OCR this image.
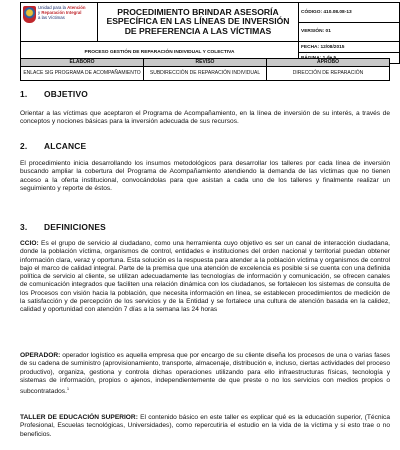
Unidad para la Atención
y Reparación Integral
a las Víctimas	PROCEDIMIENTO BRINDAR ASESORÍA ESPECÍFICA EN LAS LÍNEAS DE INVERSIÓN DE PREFERENCIA A LAS VÍCTIMAS	CÓDIGO: 410.08.08-13
		VERSIÓN: 01
PROCESO GESTIÓN DE REPARACIÓN INDIVIDUAL Y COLECTIVA		FECHA: 12/08/2015

ELABORÓ	REVISÓ	APROBÓ
ENLACE SIG PROGRAMA DE ACOMPAÑAMIENTO	SUBDIRECCIÓN DE REPARACIÓN INDIVIDUAL	DIRECCIÓN DE REPARACIÓN
1. OBJETIVO

Orientar a las víctimas que aceptaron el Programa de Acompañamiento, en la línea de inversión de su interés, a través de conceptos y nociones básicas para la inversión adecuada de sus recursos.

2. ALCANCE

El procedimiento inicia desarrollando los insumos metodológicos para desarrollar los talleres por cada línea de inversión buscando ampliar la cobertura del Programa de Acompañamiento atendiendo la demanda de las víctimas que no tienen acceso a la oferta institucional, convocándolas para que asistan a cada uno de los talleres y finalmente realizar un seguimiento y reporte de éstos.

3. DEFINICIONES

CCIO: Es el grupo de servicio al ciudadano, como una herramienta cuyo objetivo es ser un canal de interacción ciudadana, donde la población víctima, organismos de control, entidades e instituciones del orden nacional y territorial puedan obtener información clara, veraz y oportuna. Esta solución es la respuesta para atender a la población víctima y organismos de control bajo el marco de calidad integral. Parte de la premisa que una atención de excelencia es posible si se cuenta con una definida política de servicio al cliente, se utilizan adecuadamente las tecnologías de información y comunicación, se ofrecen canales de comunicación integrados que faciliten una relación dinámica con los ciudadanos, se fortalecen los sistemas de consulta de los Procesos con visión hacia la población, que necesita información en línea, se establecen procedimientos de medición de la satisfacción y de percepción de los servicios y de la Entidad y se fortalece una cultura de atención basada en la calidez, calidad y oportunidad con atención 7 días a la semana las 24 horas

OPERADOR: operador logístico es aquella empresa que por encargo de su cliente diseña los procesos de una o varias fases de su cadena de suministro (aprovisionamiento, transporte, almacenaje, distribución e, incluso, ciertas actividades del proceso productivo), organiza, gestiona y controla dichas operaciones utilizando para ello infraestructuras físicas, tecnología y sistemas de información, propios o ajenos, independientemente de que preste o no los servicios con medios propios o subcontratados.$^1$

TALLER DE EDUCACIÓN SUPERIOR: El contenido básico en este taller es explicar qué es la educación superior, (Técnica Profesional, Escuelas tecnológicas, Universidades), como repercutiría el estudio en la vida de la víctima y si esto trae o no beneficios.
